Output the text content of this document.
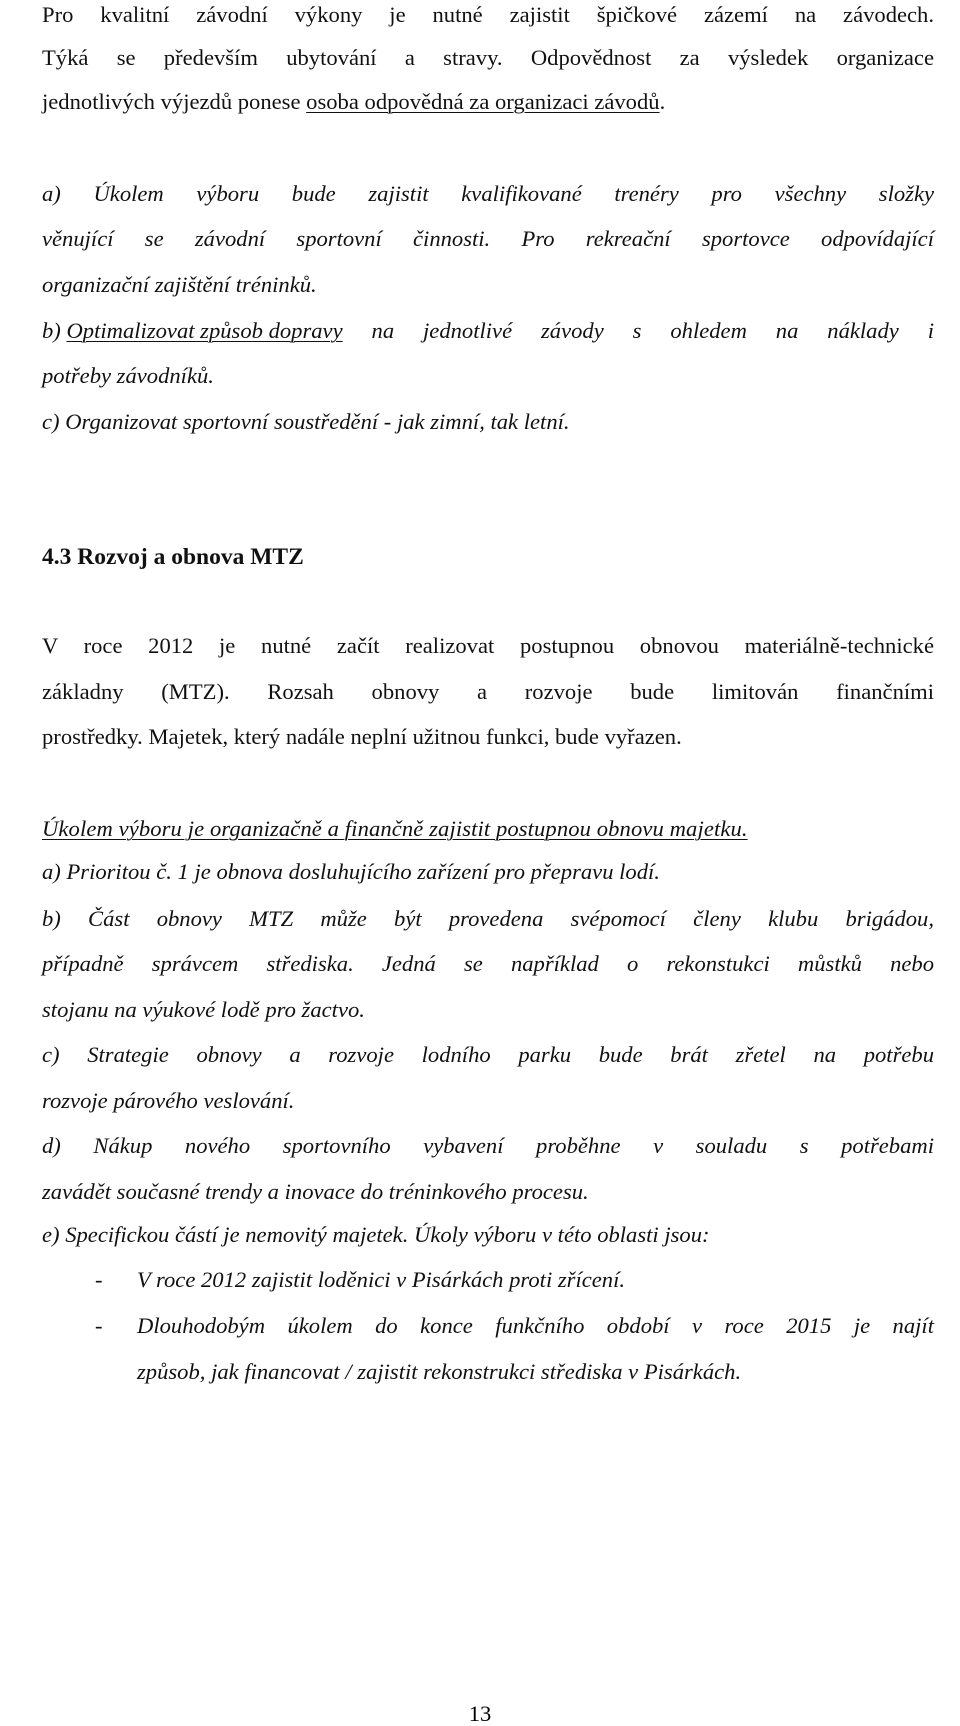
Pro kvalitní závodní výkony je nutné zajistit špičkové zázemí na závodech.
Týká se především ubytování a stravy. Odpovědnost za výsledek organizace
jednotlivých výjezdů ponese osoba odpovědná za organizaci závodů.
a) Úkolem výboru bude zajistit kvalifikované trenéry pro všechny složky
věnující se závodní sportovní činnosti. Pro rekreační sportovce odpovídající
organizační zajištění tréninků.
b) Optimalizovat způsob dopravy na jednotlivé závody s ohledem na náklady i
potřeby závodníků.
c) Organizovat sportovní soustředění - jak zimní, tak letní.
4.3 Rozvoj a obnova MTZ
V roce 2012 je nutné začít realizovat postupnou obnovou materiálně-technické
základny (MTZ). Rozsah obnovy a rozvoje bude limitován finančními
prostředky. Majetek, který nadále neplní užitnou funkci, bude vyřazen.
Úkolem výboru je organizačně a finančně zajistit postupnou obnovu majetku.
a) Prioritou č. 1 je obnova dosluhujícího zařízení pro přepravu lodí.
b) Část obnovy MTZ může být provedena svépomocí členy klubu brigádou,
případně správcem střediska. Jedná se například o rekonstukci můstků nebo
stojanu na výukové lodě pro žactvo.
c) Strategie obnovy a rozvoje lodního parku bude brát zřetel na potřebu
rozvoje párového veslování.
d) Nákup nového sportovního vybavení proběhne v souladu s potřebami
zavádět současné trendy a inovace do tréninkového procesu.
e) Specifickou částí je nemovitý majetek. Úkoly výboru v této oblasti jsou:
- V roce 2012 zajistit loděnici v Pisárkách proti zřícení.
- Dlouhodobým úkolem do konce funkčního období v roce 2015 je najít
způsob, jak financovat / zajistit rekonstrukci střediska v Pisárkách.
13
